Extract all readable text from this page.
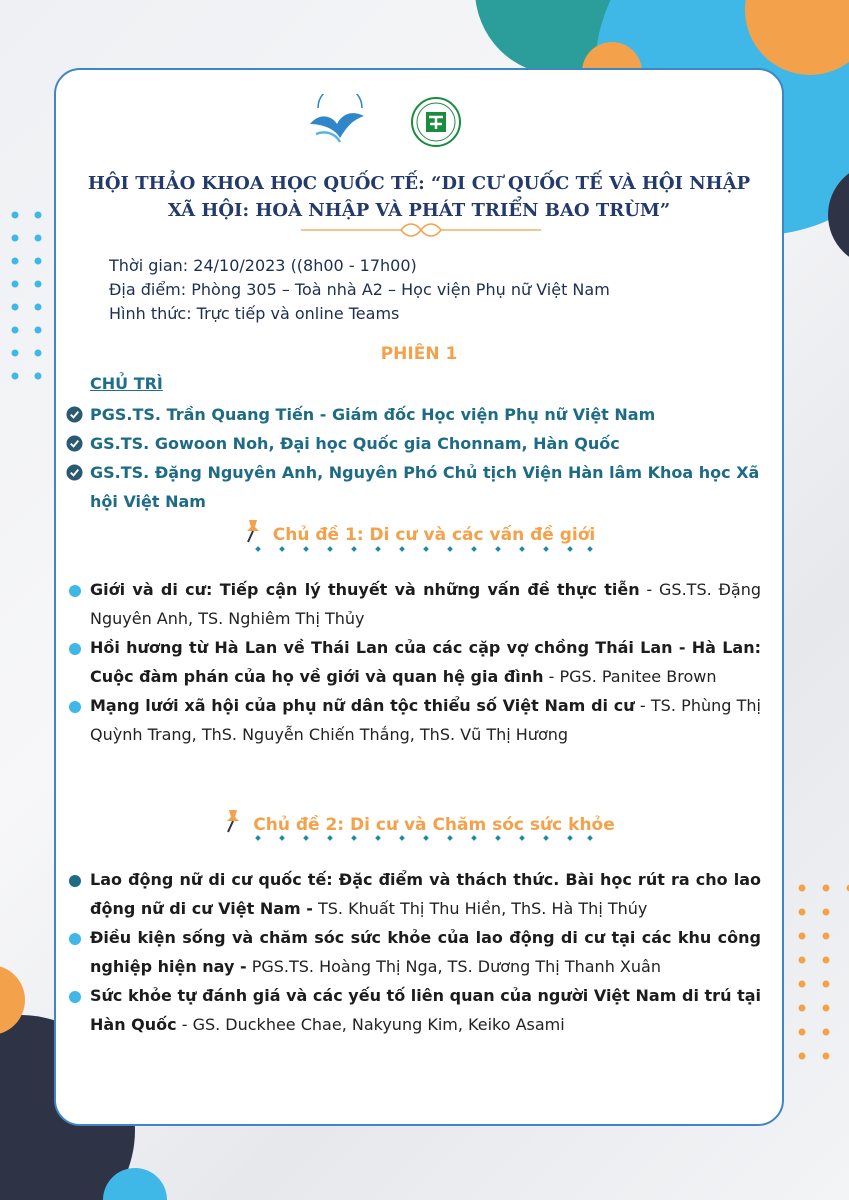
HỘI THẢO KHOA HỌC QUỐC TẾ: “DI CƯ QUỐC TẾ VÀ HỘI NHẬP
XÃ HỘI: HOÀ NHẬP VÀ PHÁT TRIỂN BAO TRÙM”
Thời gian: 24/10/2023 ((8h00 - 17h00)
Địa điểm: Phòng 305 – Toà nhà A2 – Học viện Phụ nữ Việt Nam
Hình thức: Trực tiếp và online Teams
PHIÊN 1
CHỦ TRÌ
PGS.TS. Trần Quang Tiến - Giám đốc Học viện Phụ nữ Việt Nam
GS.TS. Gowoon Noh, Đại học Quốc gia Chonnam, Hàn Quốc
GS.TS. Đặng Nguyên Anh, Nguyên Phó Chủ tịch Viện Hàn lâm Khoa học Xã hội Việt Nam
Chủ đề 1: Di cư và các vấn đề giới
Giới và di cư: Tiếp cận lý thuyết và những vấn đề thực tiễn - GS.TS. Đặng Nguyên Anh, TS. Nghiêm Thị Thủy
Hồi hương từ Hà Lan về Thái Lan của các cặp vợ chồng Thái Lan - Hà Lan: Cuộc đàm phán của họ về giới và quan hệ gia đình - PGS. Panitee Brown
Mạng lưới xã hội của phụ nữ dân tộc thiểu số Việt Nam di cư - TS. Phùng Thị Quỳnh Trang, ThS. Nguyễn Chiến Thắng, ThS. Vũ Thị Hương
Chủ đề 2: Di cư và Chăm sóc sức khỏe
Lao động nữ di cư quốc tế: Đặc điểm và thách thức. Bài học rút ra cho lao động nữ di cư Việt Nam - TS. Khuất Thị Thu Hiền, ThS. Hà Thị Thúy
Điều kiện sống và chăm sóc sức khỏe của lao động di cư tại các khu công nghiệp hiện nay - PGS.TS. Hoàng Thị Nga, TS. Dương Thị Thanh Xuân
Sức khỏe tự đánh giá và các yếu tố liên quan của người Việt Nam di trú tại Hàn Quốc - GS. Duckhee Chae, Nakyung Kim, Keiko Asami
